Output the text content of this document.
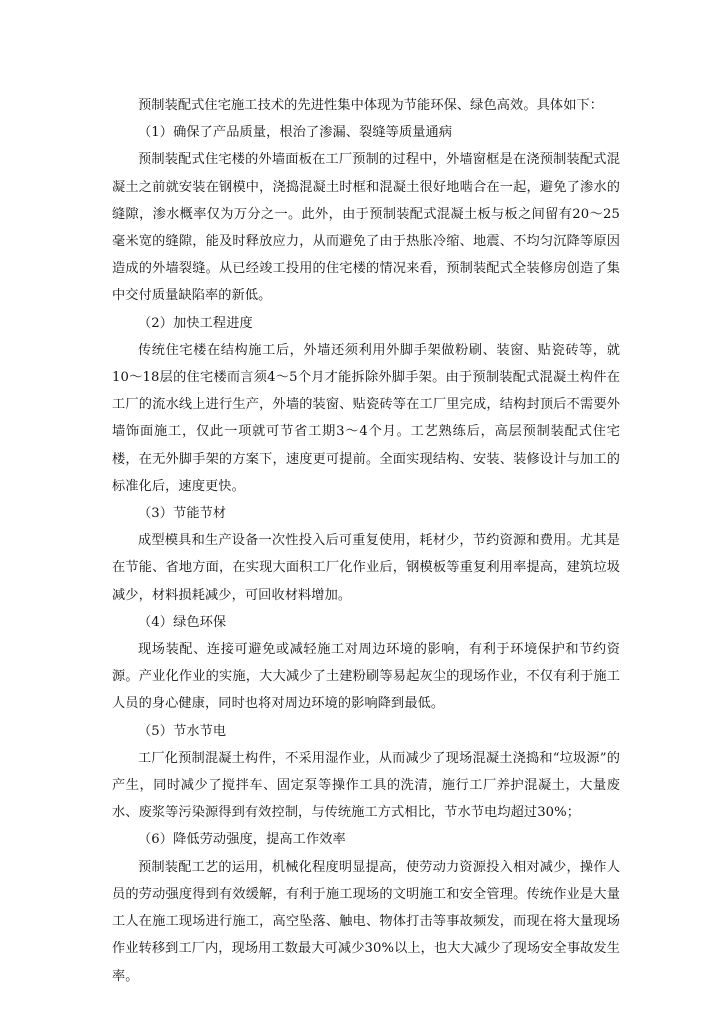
预制装配式住宅施工技术的先进性集中体现为节能环保、绿色高效。具体如下：

（1）确保了产品质量，根治了渗漏、裂缝等质量通病

预制装配式住宅楼的外墙面板在工厂预制的过程中，外墙窗框是在浇预制装配式混凝土之前就安装在钢模中，浇捣混凝土时框和混凝土很好地啮合在一起，避免了渗水的缝隙，渗水概率仅为万分之一。此外，由于预制装配式混凝土板与板之间留有20～25毫米宽的缝隙，能及时释放应力，从而避免了由于热胀冷缩、地震、不均匀沉降等原因造成的外墙裂缝。从已经竣工投用的住宅楼的情况来看，预制装配式全装修房创造了集中交付质量缺陷率的新低。

（2）加快工程进度

传统住宅楼在结构施工后，外墙还须利用外脚手架做粉刷、装窗、贴瓷砖等，就 10～18层的住宅楼而言须4～5个月才能拆除外脚手架。由于预制装配式混凝土构件在工厂的流水线上进行生产，外墙的装窗、贴瓷砖等在工厂里完成，结构封顶后不需要外墙饰面施工，仅此一项就可节省工期3～4个月。工艺熟练后，高层预制装配式住宅楼，在无外脚手架的方案下，速度更可提前。全面实现结构、安装、装修设计与加工的标准化后，速度更快。

（3）节能节材

成型模具和生产设备一次性投入后可重复使用，耗材少，节约资源和费用。尤其是在节能、省地方面，在实现大面积工厂化作业后，钢模板等重复利用率提高，建筑垃圾减少，材料损耗减少，可回收材料增加。

（4）绿色环保

现场装配、连接可避免或减轻施工对周边环境的影响，有利于环境保护和节约资源。产业化作业的实施，大大减少了土建粉刷等易起灰尘的现场作业，不仅有利于施工人员的身心健康，同时也将对周边环境的影响降到最低。

（5）节水节电

工厂化预制混凝土构件，不采用湿作业，从而减少了现场混凝土浇捣和“垃圾源”的产生，同时减少了搅拌车、固定泵等操作工具的洗清，施行工厂养护混凝土，大量废水、废浆等污染源得到有效控制，与传统施工方式相比，节水节电均超过30%；

（6）降低劳动强度，提高工作效率

预制装配工艺的运用，机械化程度明显提高，使劳动力资源投入相对减少，操作人员的劳动强度得到有效缓解，有利于施工现场的文明施工和安全管理。传统作业是大量工人在施工现场进行施工，高空坠落、触电、物体打击等事故频发，而现在将大量现场作业转移到工厂内，现场用工数最大可减少30%以上，也大大减少了现场安全事故发生率。
